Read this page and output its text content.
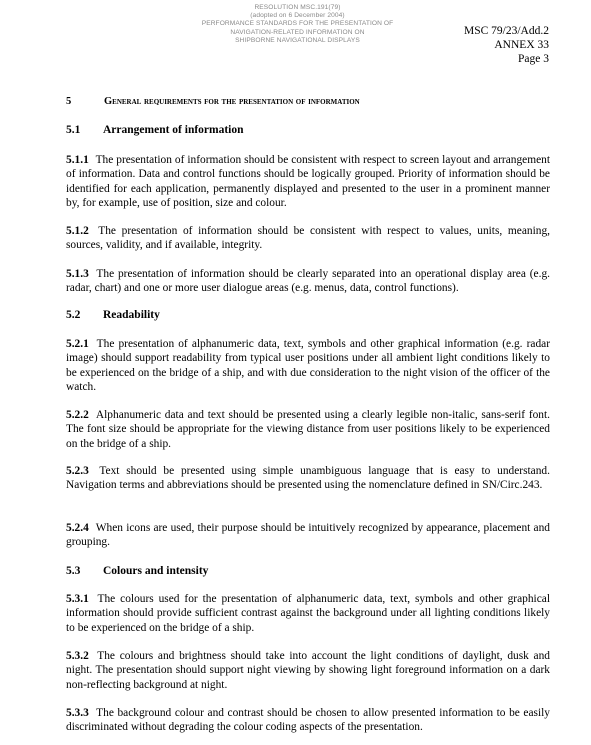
RESOLUTION MSC.191(79)
(adopted on 6 December 2004)
PERFORMANCE STANDARDS FOR THE PRESENTATION OF
NAVIGATION-RELATED INFORMATION ON
SHIPBORNE NAVIGATIONAL DISPLAYS
MSC 79/23/Add.2
ANNEX 33
Page 3
5	General requirements for the presentation of information
5.1 Arrangement of information
5.1.1 The presentation of information should be consistent with respect to screen layout and arrangement of information. Data and control functions should be logically grouped. Priority of information should be identified for each application, permanently displayed and presented to the user in a prominent manner by, for example, use of position, size and colour.
5.1.2 The presentation of information should be consistent with respect to values, units, meaning, sources, validity, and if available, integrity.
5.1.3 The presentation of information should be clearly separated into an operational display area (e.g. radar, chart) and one or more user dialogue areas (e.g. menus, data, control functions).
5.2 Readability
5.2.1 The presentation of alphanumeric data, text, symbols and other graphical information (e.g. radar image) should support readability from typical user positions under all ambient light conditions likely to be experienced on the bridge of a ship, and with due consideration to the night vision of the officer of the watch.
5.2.2 Alphanumeric data and text should be presented using a clearly legible non-italic, sans-serif font. The font size should be appropriate for the viewing distance from user positions likely to be experienced on the bridge of a ship.
5.2.3 Text should be presented using simple unambiguous language that is easy to understand. Navigation terms and abbreviations should be presented using the nomenclature defined in SN/Circ.243.
5.2.4 When icons are used, their purpose should be intuitively recognized by appearance, placement and grouping.
5.3 Colours and intensity
5.3.1 The colours used for the presentation of alphanumeric data, text, symbols and other graphical information should provide sufficient contrast against the background under all lighting conditions likely to be experienced on the bridge of a ship.
5.3.2 The colours and brightness should take into account the light conditions of daylight, dusk and night. The presentation should support night viewing by showing light foreground information on a dark non-reflecting background at night.
5.3.3 The background colour and contrast should be chosen to allow presented information to be easily discriminated without degrading the colour coding aspects of the presentation.
